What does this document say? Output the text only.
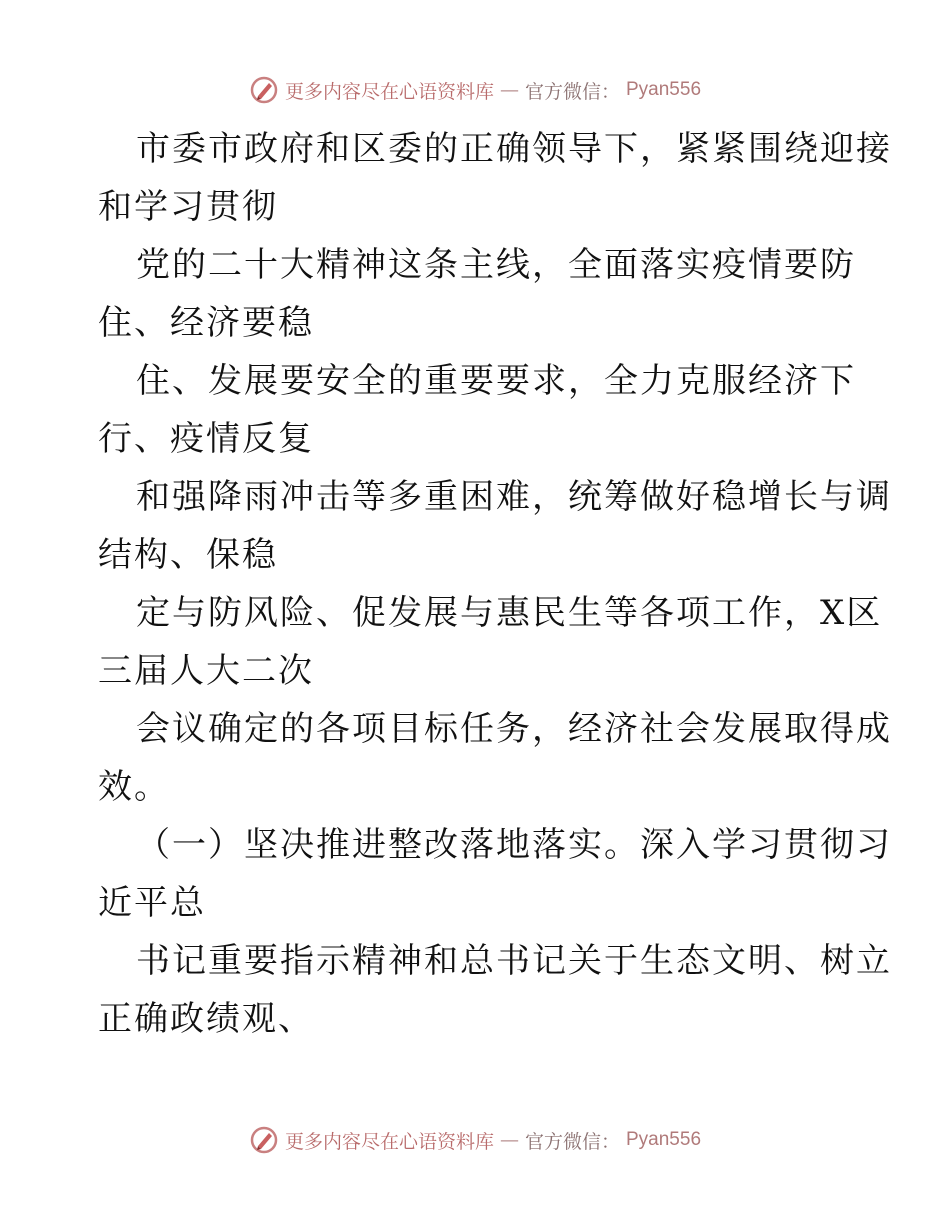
更多内容尽在心语资料库 — 官方微信： Pyan556
市委市政府和区委的正确领导下，紧紧围绕迎接
和学习贯彻
党的二十大精神这条主线，全面落实疫情要防
住、经济要稳
住、发展要安全的重要要求，全力克服经济下
行、疫情反复
和强降雨冲击等多重困难，统筹做好稳增长与调
结构、保稳
定与防风险、促发展与惠民生等各项工作，X区
三届人大二次
会议确定的各项目标任务，经济社会发展取得成
效。
（一）坚决推进整改落地落实。深入学习贯彻习
近平总
书记重要指示精神和总书记关于生态文明、树立
正确政绩观、
更多内容尽在心语资料库 — 官方微信： Pyan556
